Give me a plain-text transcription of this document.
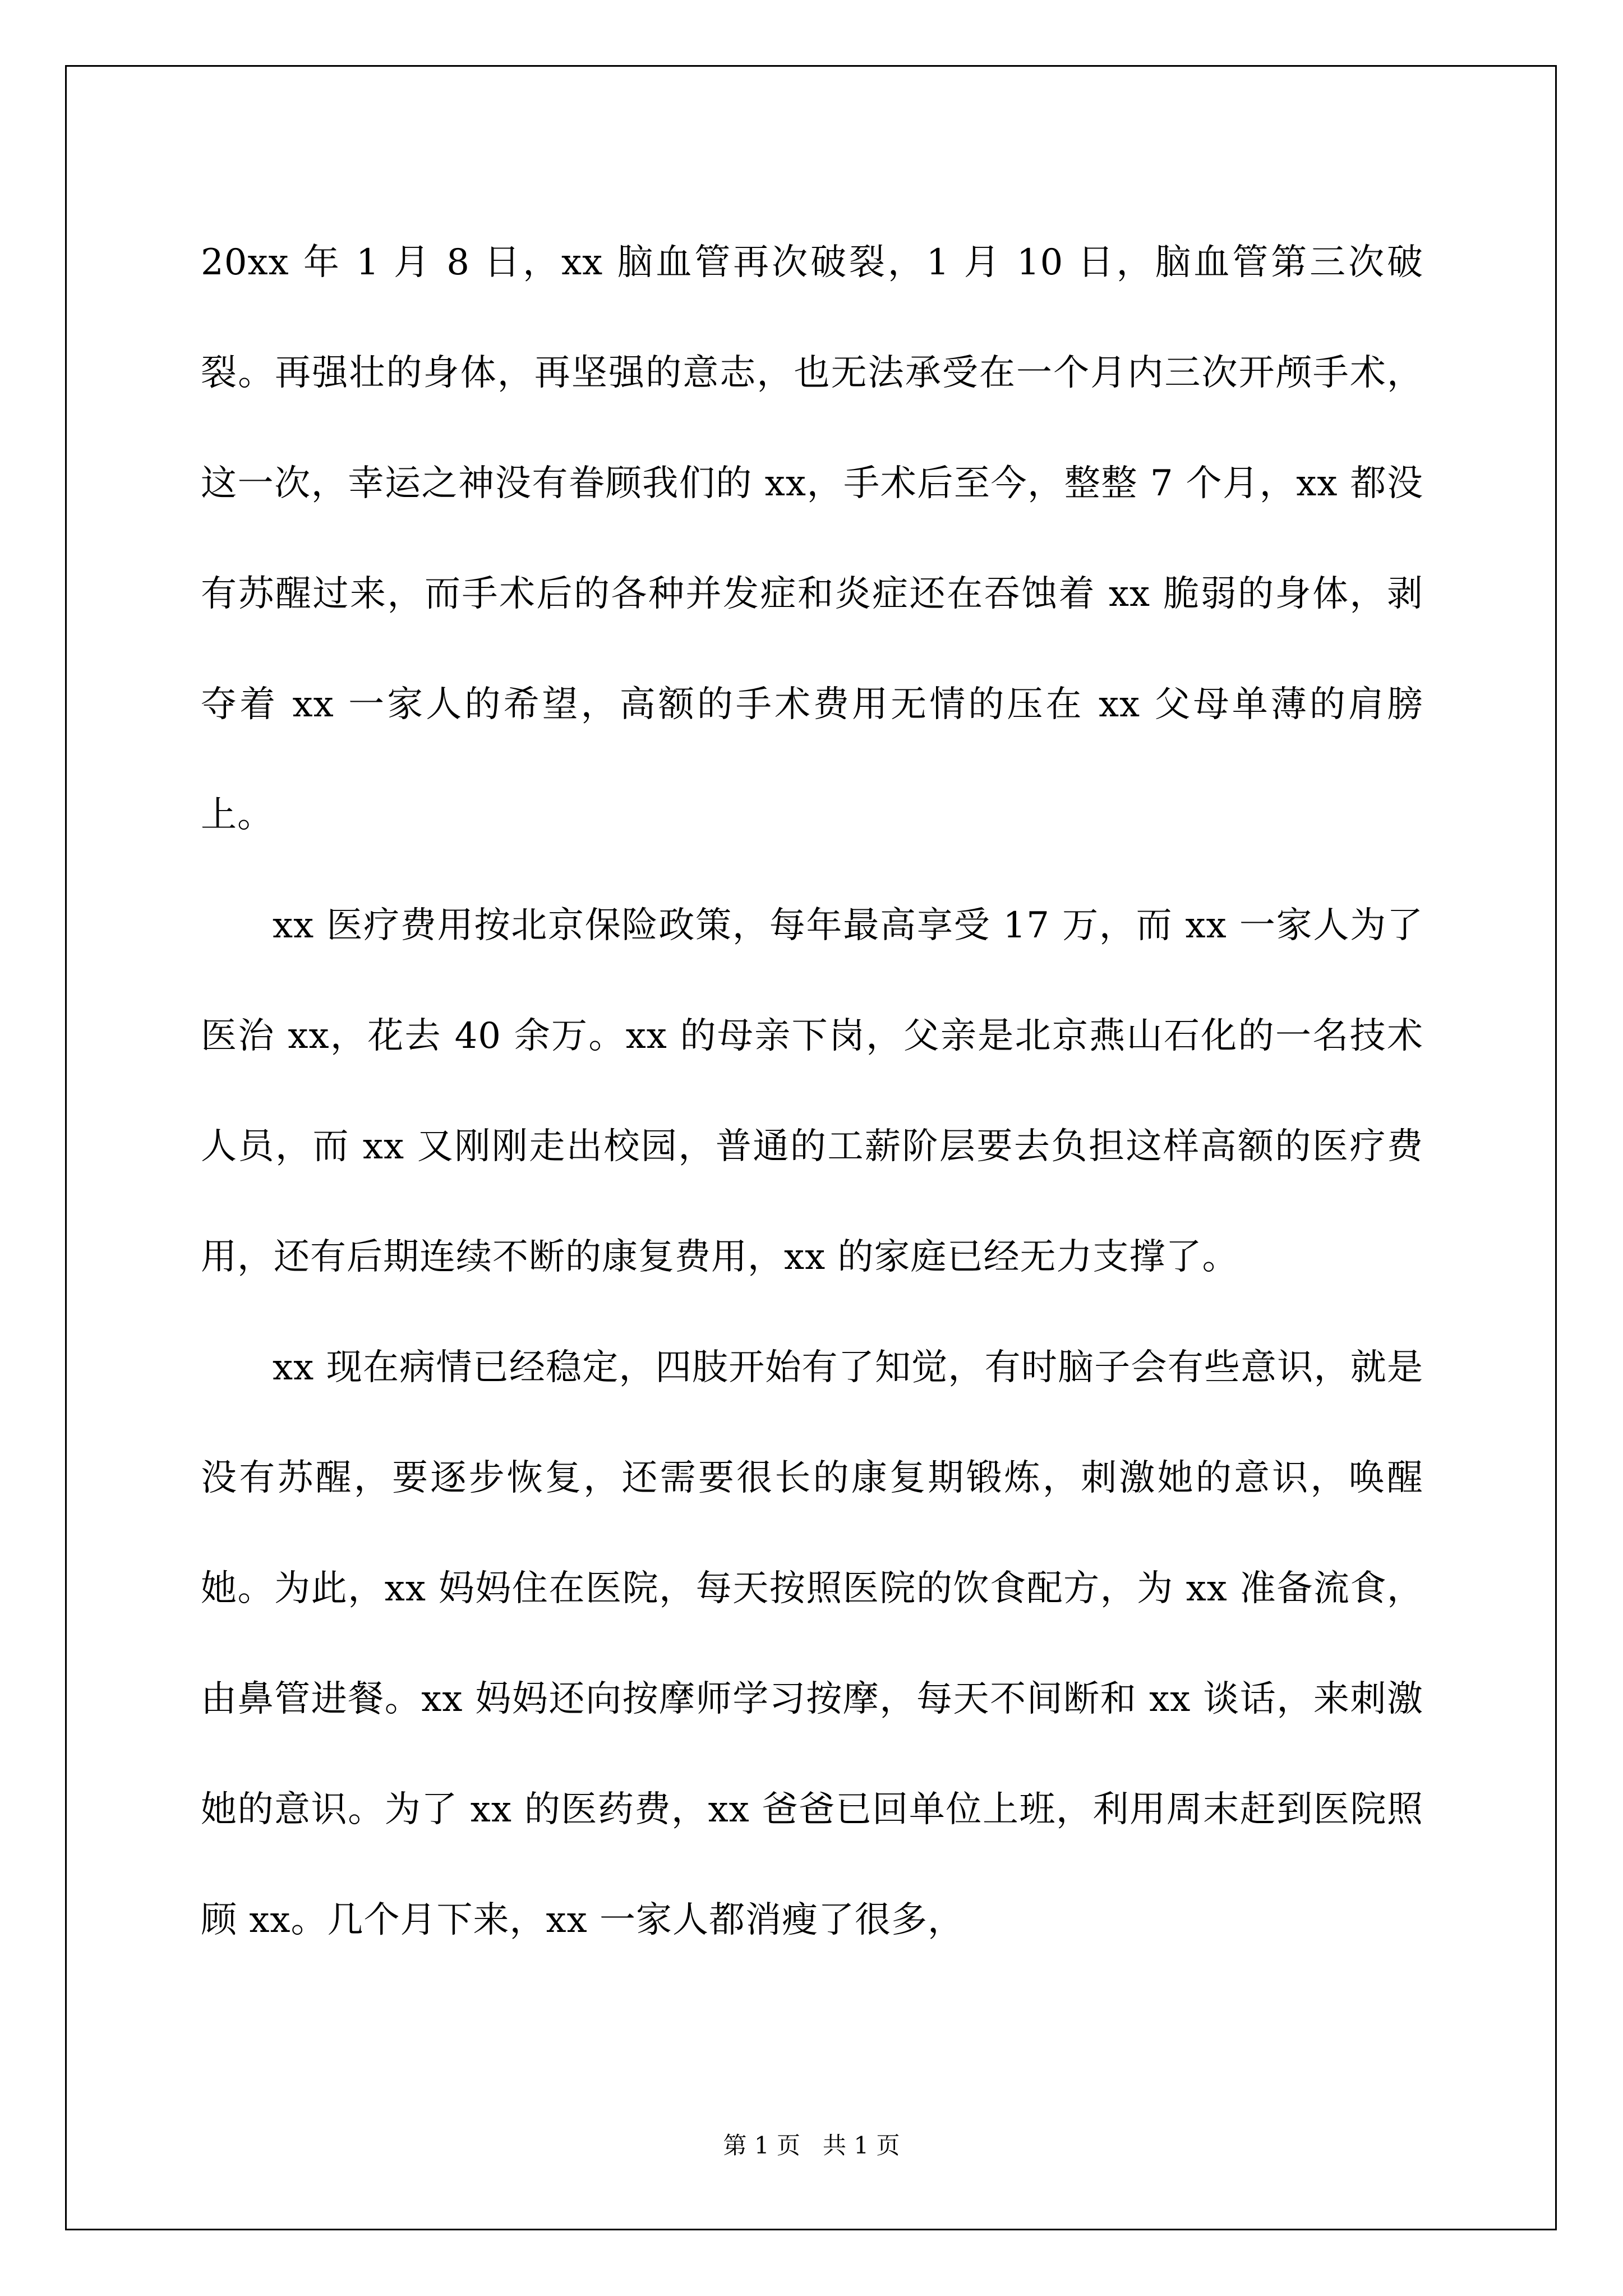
20xx 年 1 月 8 日，xx 脑血管再次破裂，1 月 10 日，脑血管第三次破裂。再强壮的身体，再坚强的意志，也无法承受在一个月内三次开颅手术，这一次，幸运之神没有眷顾我们的 xx，手术后至今，整整 7 个月，xx 都没有苏醒过来，而手术后的各种并发症和炎症还在吞蚀着 xx 脆弱的身体，剥夺着 xx 一家人的希望，高额的手术费用无情的压在 xx 父母单薄的肩膀上。

xx 医疗费用按北京保险政策，每年最高享受 17 万，而 xx 一家人为了医治 xx，花去 40 余万。xx 的母亲下岗，父亲是北京燕山石化的一名技术人员，而 xx 又刚刚走出校园，普通的工薪阶层要去负担这样高额的医疗费用，还有后期连续不断的康复费用，xx 的家庭已经无力支撑了。

xx 现在病情已经稳定，四肢开始有了知觉，有时脑子会有些意识，就是没有苏醒，要逐步恢复，还需要很长的康复期锻炼，刺激她的意识，唤醒她。为此，xx 妈妈住在医院，每天按照医院的饮食配方，为 xx 准备流食，由鼻管进餐。xx 妈妈还向按摩师学习按摩，每天不间断和 xx 谈话，来刺激她的意识。为了 xx 的医药费，xx 爸爸已回单位上班，利用周末赶到医院照顾 xx。几个月下来，xx 一家人都消瘦了很多，

第 1 页 共 1 页
